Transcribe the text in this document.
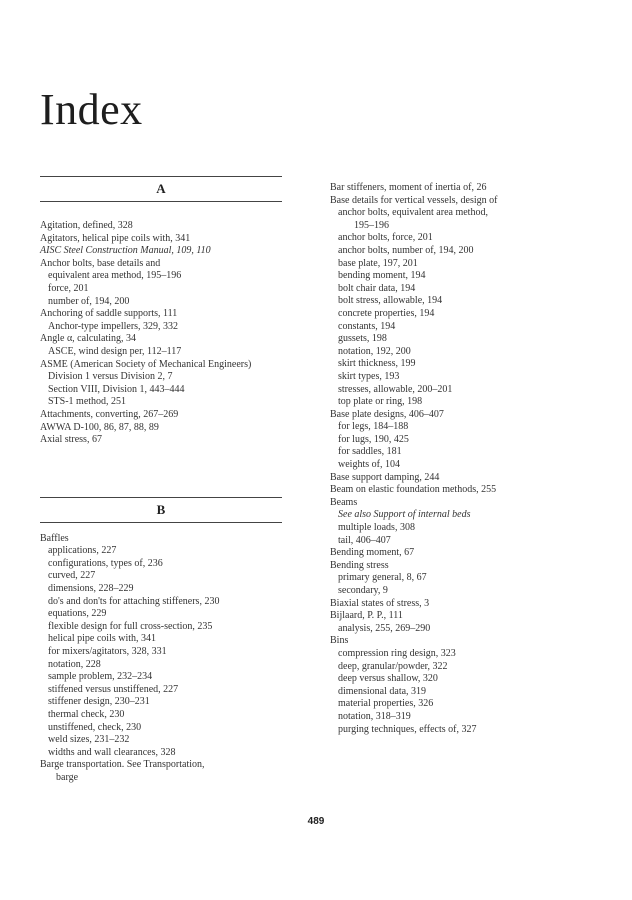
Index
A
Agitation, defined, 328
Agitators, helical pipe coils with, 341
AISC Steel Construction Manual, 109, 110
Anchor bolts, base details and
equivalent area method, 195–196
force, 201
number of, 194, 200
Anchoring of saddle supports, 111
Anchor-type impellers, 329, 332
Angle α, calculating, 34
ASCE, wind design per, 112–117
ASME (American Society of Mechanical Engineers)
Division 1 versus Division 2, 7
Section VIII, Division 1, 443–444
STS-1 method, 251
Attachments, converting, 267–269
AWWA D-100, 86, 87, 88, 89
Axial stress, 67
B
Baffles
applications, 227
configurations, types of, 236
curved, 227
dimensions, 228–229
do's and don'ts for attaching stiffeners, 230
equations, 229
flexible design for full cross-section, 235
helical pipe coils with, 341
for mixers/agitators, 328, 331
notation, 228
sample problem, 232–234
stiffened versus unstiffened, 227
stiffener design, 230–231
thermal check, 230
unstiffened, check, 230
weld sizes, 231–232
widths and wall clearances, 328
Barge transportation. See Transportation,
barge
Bar stiffeners, moment of inertia of, 26
Base details for vertical vessels, design of
anchor bolts, equivalent area method,
195–196
anchor bolts, force, 201
anchor bolts, number of, 194, 200
base plate, 197, 201
bending moment, 194
bolt chair data, 194
bolt stress, allowable, 194
concrete properties, 194
constants, 194
gussets, 198
notation, 192, 200
skirt thickness, 199
skirt types, 193
stresses, allowable, 200–201
top plate or ring, 198
Base plate designs, 406–407
for legs, 184–188
for lugs, 190, 425
for saddles, 181
weights of, 104
Base support damping, 244
Beam on elastic foundation methods, 255
Beams
See also Support of internal beds
multiple loads, 308
tail, 406–407
Bending moment, 67
Bending stress
primary general, 8, 67
secondary, 9
Biaxial states of stress, 3
Bijlaard, P. P., 111
analysis, 255, 269–290
Bins
compression ring design, 323
deep, granular/powder, 322
deep versus shallow, 320
dimensional data, 319
material properties, 326
notation, 318–319
purging techniques, effects of, 327
489
